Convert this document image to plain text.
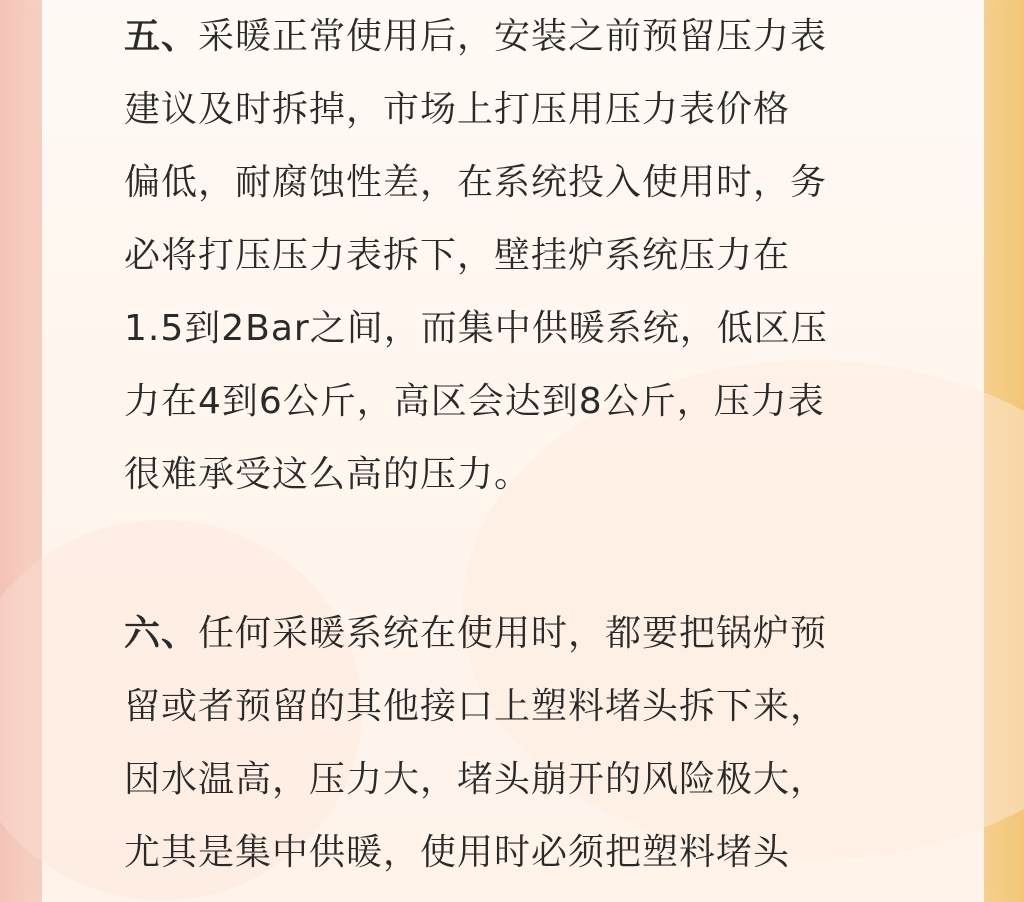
五、采暖正常使用后，安装之前预留压力表
建议及时拆掉，市场上打压用压力表价格
偏低，耐腐蚀性差，在系统投入使用时，务
必将打压压力表拆下，壁挂炉系统压力在
1.5到2Bar之间，而集中供暖系统，低区压
力在4到6公斤，高区会达到8公斤，压力表
很难承受这么高的压力。
六、任何采暖系统在使用时，都要把锅炉预
留或者预留的其他接口上塑料堵头拆下来，
因水温高，压力大，堵头崩开的风险极大，
尤其是集中供暖，使用时必须把塑料堵头
